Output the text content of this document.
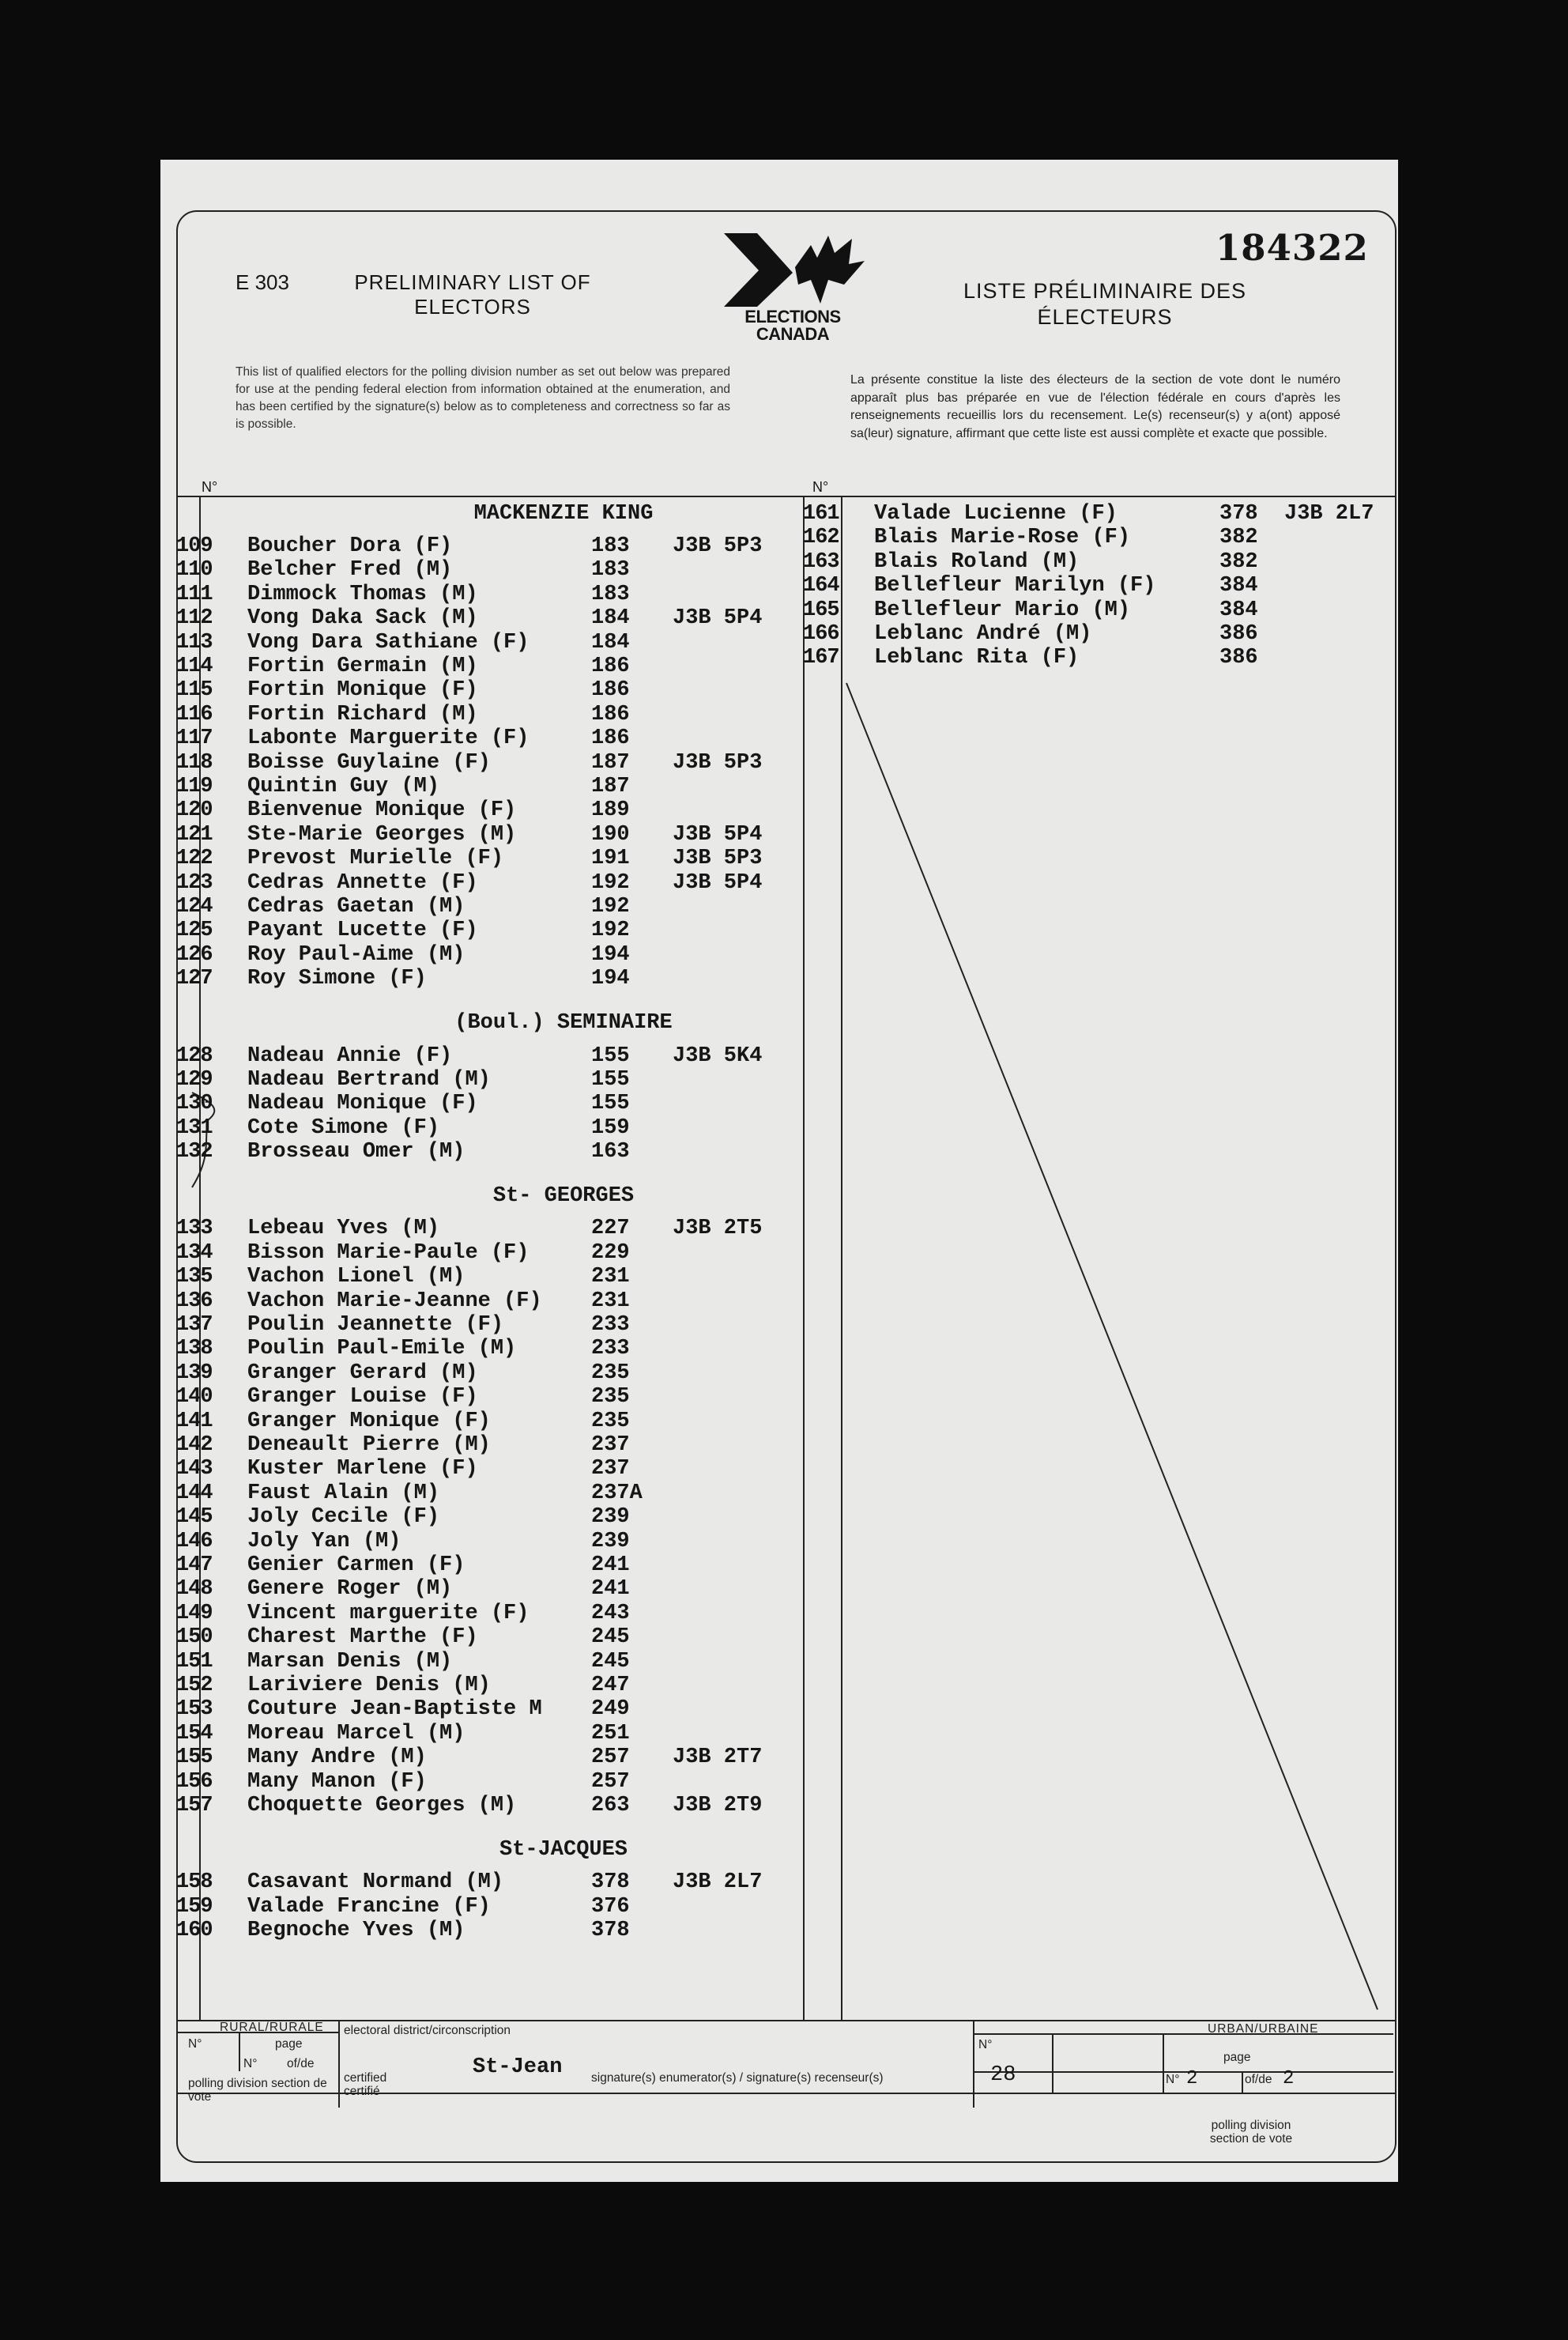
184322
E 303	PRELIMINARY LIST OF ELECTORS
LISTE PRÉLIMINAIRE DES ÉLECTEURS
ELECTIONS
CANADA
This list of qualified electors for the polling division number as set out below was prepared for use at the pending federal election from information obtained at the enumeration, and has been certified by the signature(s) below as to completeness and correctness so far as is possible.
La présente constitue la liste des électeurs de la section de vote dont le numéro apparaît plus bas préparée en vue de l'élection fédérale en cours d'après les renseignements recueillis lors du recensement. Le(s) recenseur(s) y a(ont) apposé sa(leur) signature, affirmant que cette liste est aussi complète et exacte que possible.
N°	N°
MACKENZIE KING
109 Boucher Dora (F)	183 J3B 5P3
110 Belcher Fred (M)	183
111 Dimmock Thomas (M)	183
112 Vong Daka Sack (M)	184 J3B 5P4
113 Vong Dara Sathiane (F)	184
114 Fortin Germain (M)	186
115 Fortin Monique (F)	186
116 Fortin Richard (M)	186
117 Labonte Marguerite (F)	186
118 Boisse Guylaine (F)	187 J3B 5P3
119 Quintin Guy (M)	187
120 Bienvenue Monique (F)	189
121 Ste-Marie Georges (M)	190 J3B 5P4
122 Prevost Murielle (F)	191 J3B 5P3
123 Cedras Annette (F)	192 J3B 5P4
124 Cedras Gaetan (M)	192
125 Payant Lucette (F)	192
126 Roy Paul-Aime (M)	194
127 Roy Simone (F)	194
(Boul.) SEMINAIRE
128 Nadeau Annie (F)	155 J3B 5K4
129 Nadeau Bertrand (M)	155
130 Nadeau Monique (F)	155
131 Cote Simone (F)	159
132 Brosseau Omer (M)	163
St- GEORGES
133 Lebeau Yves (M)	227 J3B 2T5
134 Bisson Marie-Paule (F)	229
135 Vachon Lionel (M)	231
136 Vachon Marie-Jeanne (F) 231
137 Poulin Jeannette (F)	233
138 Poulin Paul-Emile (M)	233
139 Granger Gerard (M)	235
140 Granger Louise (F)	235
141 Granger Monique (F)	235
142 Deneault Pierre (M)	237
143 Kuster Marlene (F)	237
144 Faust Alain (M)	237A
145 Joly Cecile (F)	239
146 Joly Yan (M)	239
147 Genier Carmen (F)	241
148 Genere Roger (M)	241
149 Vincent marguerite (F)	243
150 Charest Marthe (F)	245
151 Marsan Denis (M)	245
152 Lariviere Denis (M)	247
153 Couture Jean-Baptiste M 249
154 Moreau Marcel (M)	251
155 Many Andre (M)	257 J3B 2T7
156 Many Manon (F)	257
157 Choquette Georges (M)	263 J3B 2T9
St-JACQUES
158 Casavant Normand (M)	378 J3B 2L7
159 Valade Francine (F)	376
160 Begnoche Yves (M)	378
161 Valade Lucienne (F)	378 J3B 2L7
162 Blais Marie-Rose (F)	382
163 Blais Roland (M)	382
164 Bellefleur Marilyn (F)	384
165 Bellefleur Mario (M)	384
166 Leblanc André (M)	386
167 Leblanc Rita (F)	386
RURAL/RURALE
N°	page
N° of/de
polling division section de vote
electoral district/circonscription
St-Jean
certified certifié
signature(s) enumerator(s) / signature(s) recenseur(s)
URBAN/URBAINE
N°
28
page
N° 2	of/de 2
polling division section de vote
